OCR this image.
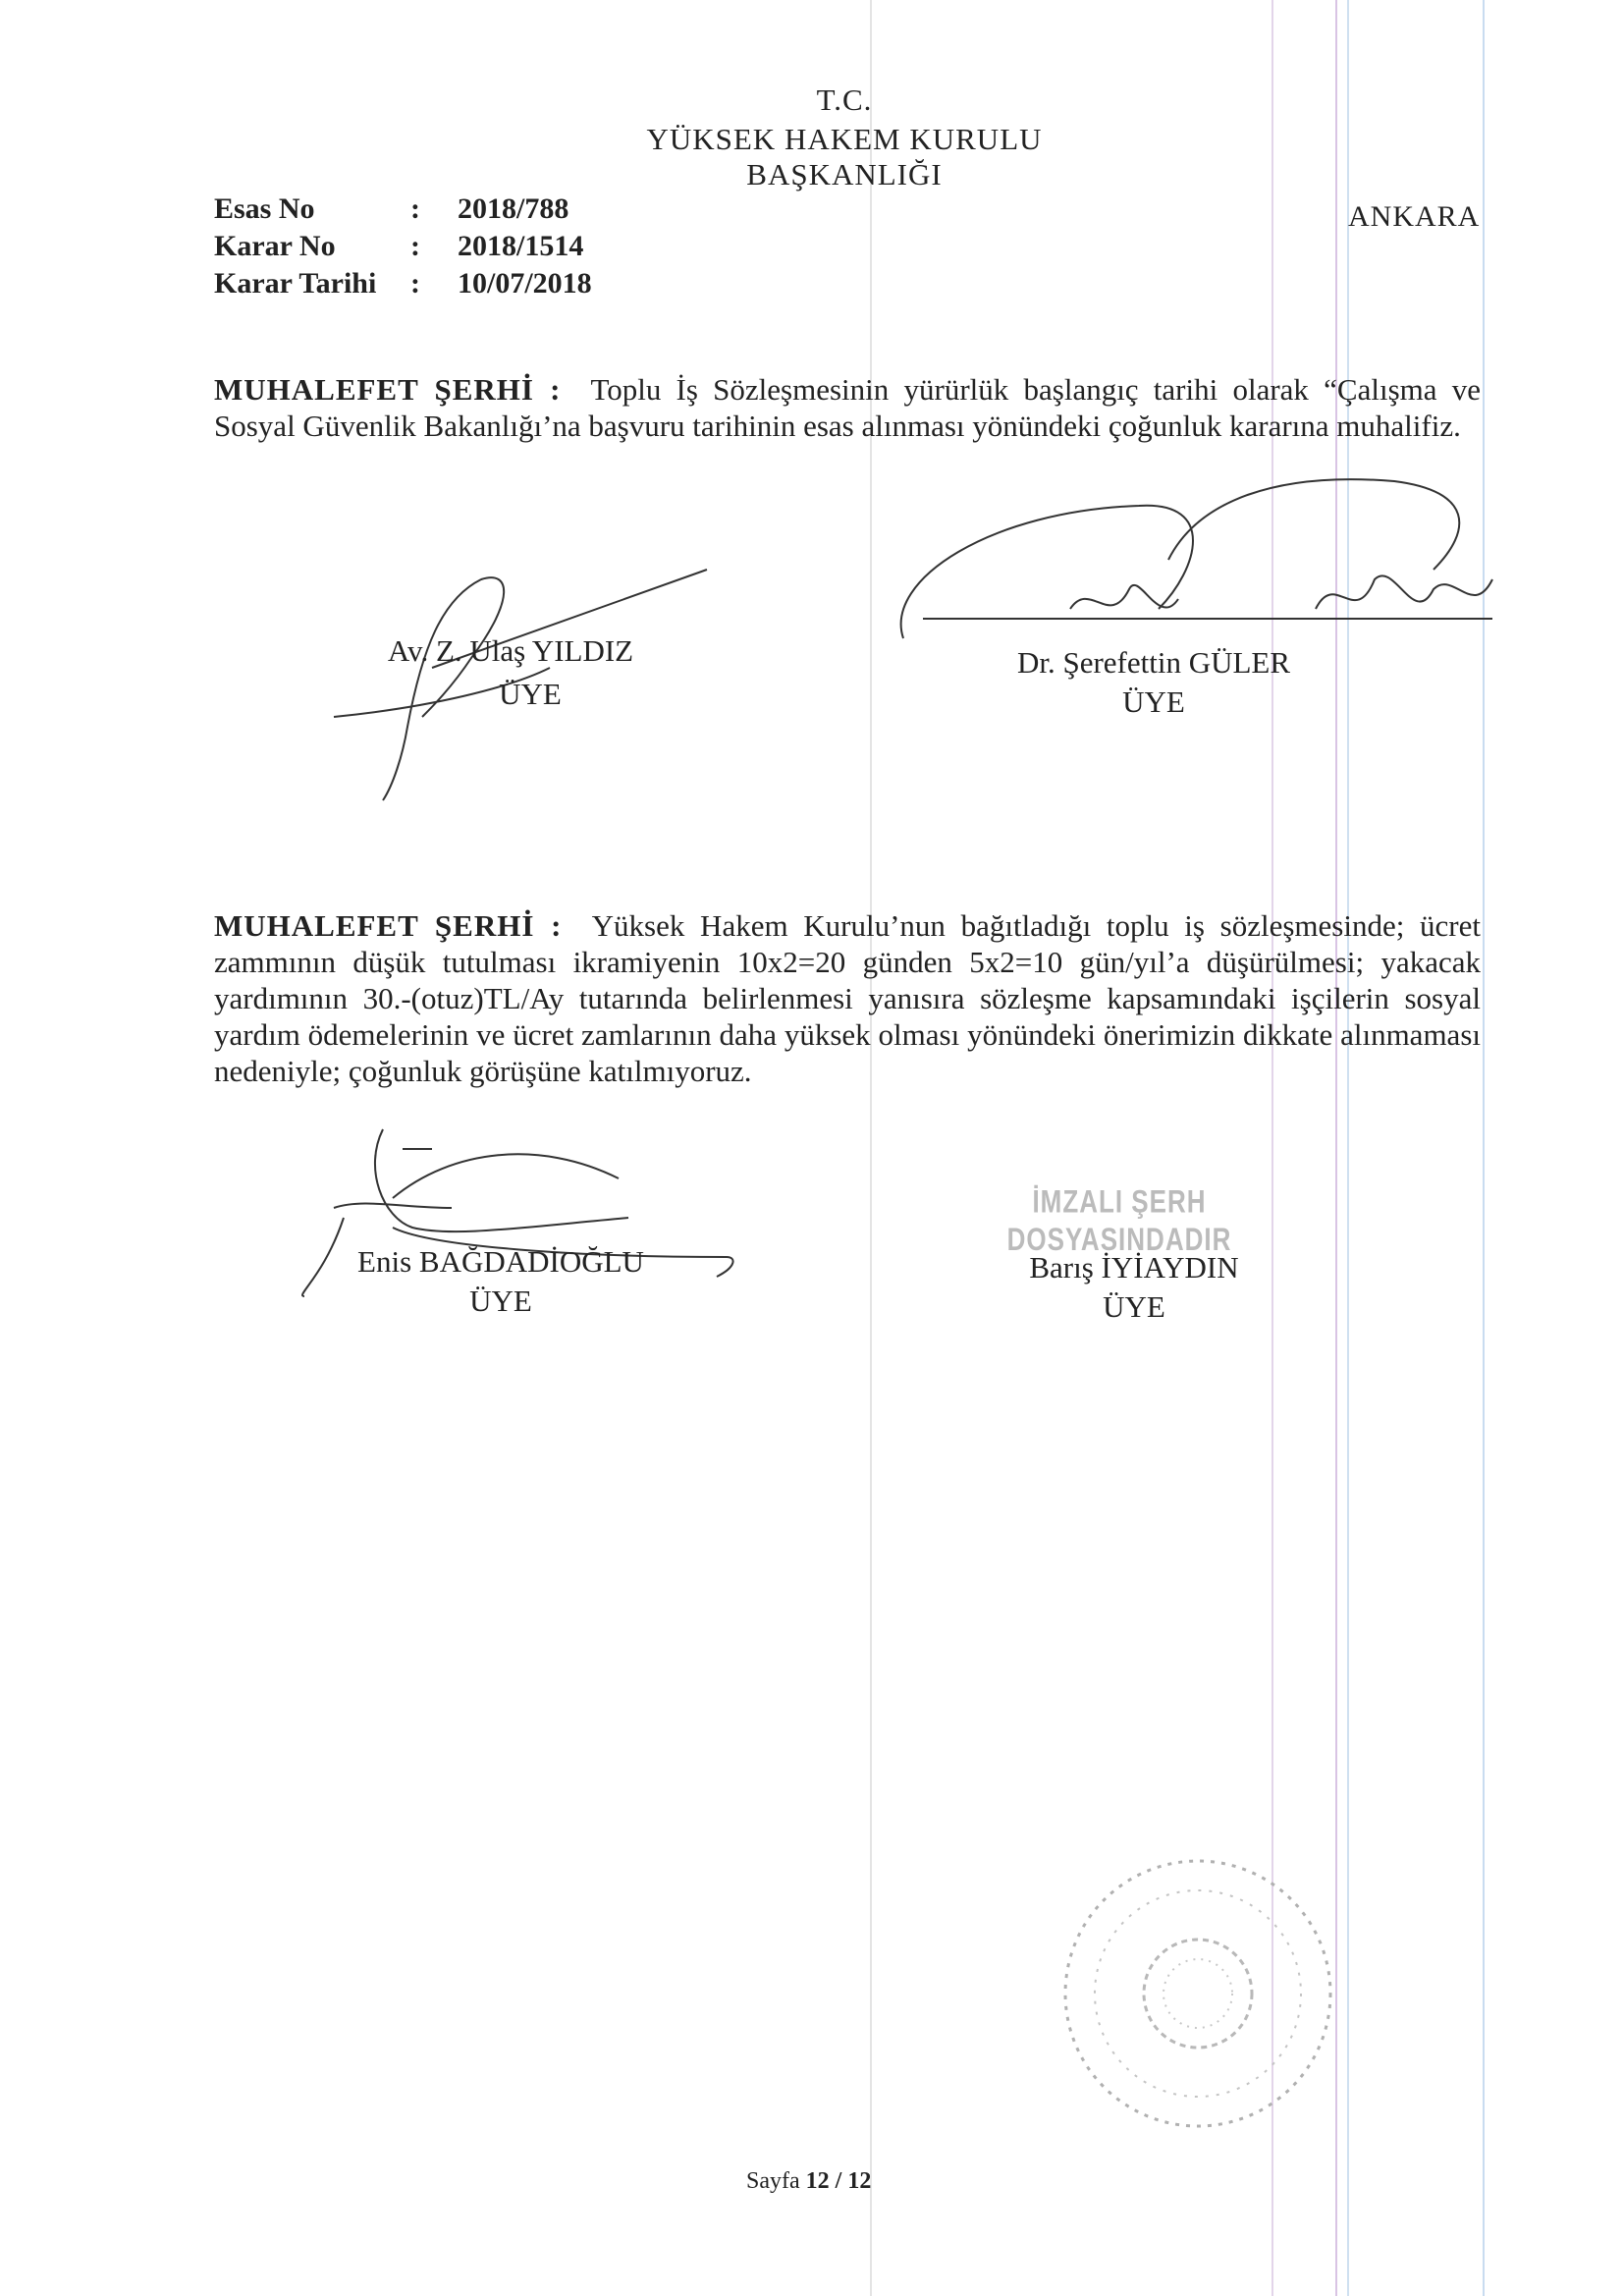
T.C.
YÜKSEK HAKEM KURULU
BAŞKANLIĞI
ANKARA
Esas No	: 2018/788
Karar No	: 2018/1514
Karar Tarihi : 10/07/2018
MUHALEFET ŞERHİ : Toplu İş Sözleşmesinin yürürlük başlangıç tarihi olarak “Çalışma ve Sosyal Güvenlik Bakanlığı’na başvuru tarihinin esas alınması yönündeki çoğunluk kararına muhalifiz.
Av. Z. Ulaş YILDIZ
ÜYE
Dr. Şerefettin GÜLER
ÜYE
MUHALEFET ŞERHİ : Yüksek Hakem Kurulu’nun bağıtladığı toplu iş sözleşmesinde; ücret zammının düşük tutulması ikramiyenin 10x2=20 günden 5x2=10 gün/yıl’a düşürülmesi; yakacak yardımının 30.-(otuz)TL/Ay tutarında belirlenmesi yanısıra sözleşme kapsamındaki işçilerin sosyal yardım ödemelerinin ve ücret zamlarının daha yüksek olması yönündeki önerimizin dikkate alınmaması nedeniyle; çoğunluk görüşüne katılmıyoruz.
Enis BAĞDADİOĞLU
ÜYE
İMZALI ŞERH DOSYASINDADIR
Barış İYİAYDIN
ÜYE
Sayfa 12 / 12
